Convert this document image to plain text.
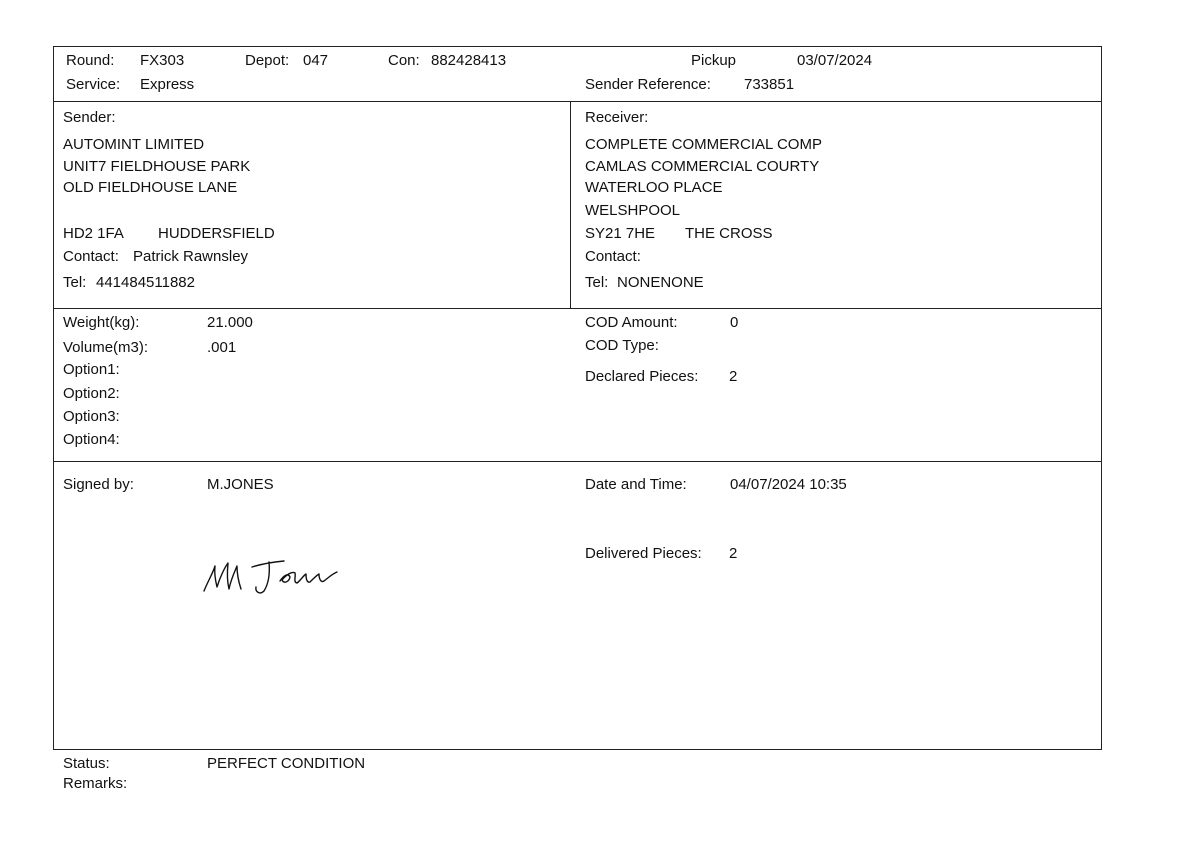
Round: FX303	Depot: 047	Con: 882428413	Pickup	03/07/2024
Service: Express	Sender Reference: 733851
Sender:
AUTOMINT LIMITED
UNIT7 FIELDHOUSE PARK
OLD FIELDHOUSE LANE
HD2 1FA HUDDERSFIELD
Contact: Patrick Rawnsley
Tel: 441484511882
Receiver:
COMPLETE COMMERCIAL COMP
CAMLAS COMMERCIAL COURTY
WATERLOO PLACE
WELSHPOOL
SY21 7HE THE CROSS
Contact:
Tel: NONENONE
Weight(kg):	21.000
Volume(m3):	.001
Option1:
Option2:
Option3:
Option4:
COD Amount:	0
COD Type:
Declared Pieces: 2
Signed by:	M.JONES	Date and Time:	04/07/2024 10:35
Delivered Pieces: 2
Status:	PERFECT CONDITION
Remarks:
